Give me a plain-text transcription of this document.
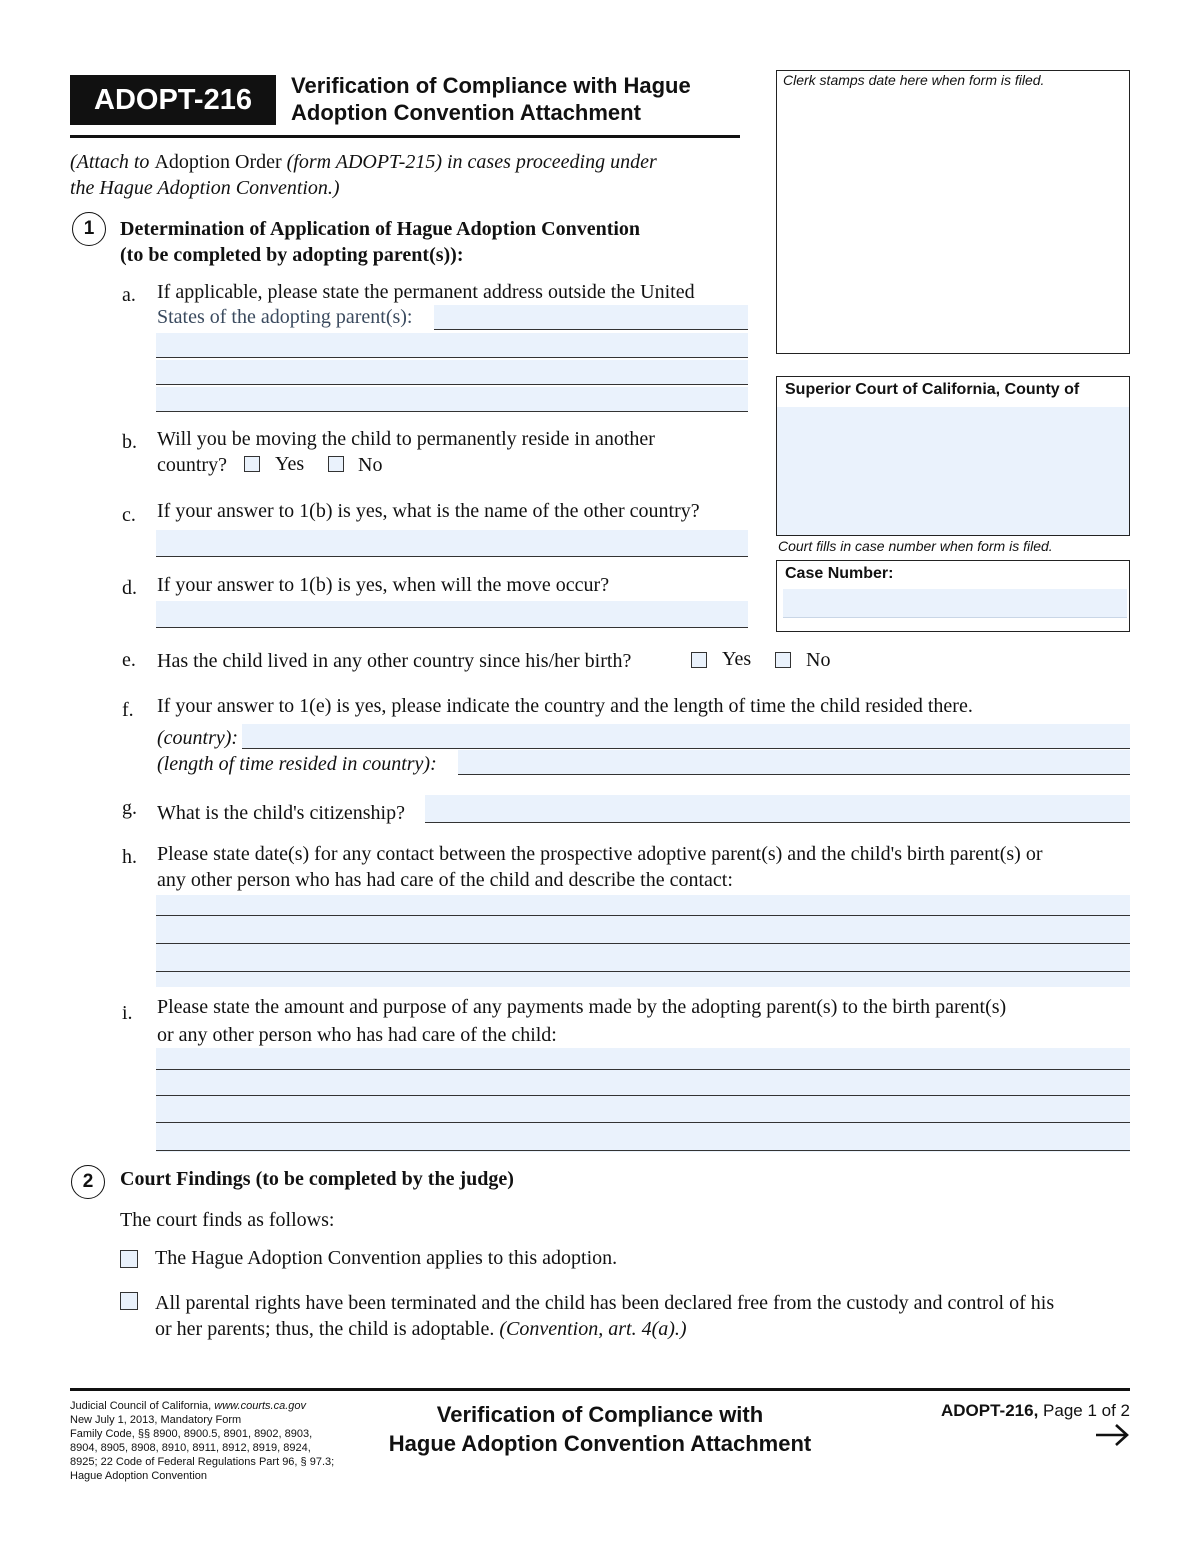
ADOPT-216	Verification of Compliance with Hague
Adoption Convention Attachment
(Attach to Adoption Order (form ADOPT-215) in cases proceeding under
the Hague Adoption Convention.)
Clerk stamps date here when form is filed.
Superior Court of California, County of
Court fills in case number when form is filed.
Case Number:
1	Determination of Application of Hague Adoption Convention
(to be completed by adopting parent(s)):
a. If applicable, please state the permanent address outside the United
States of the adopting parent(s):
b. Will you be moving the child to permanently reside in another
country? Yes	No
c. If your answer to 1(b) is yes, what is the name of the other country?
d. If your answer to 1(b) is yes, when will the move occur?
e. Has the child lived in any other country since his/her birth?	Yes	No
f. If your answer to 1(e) is yes, please indicate the country and the length of time the child resided there.
(country):
(length of time resided in country):
g. What is the child's citizenship?
h. Please state date(s) for any contact between the prospective adoptive parent(s) and the child's birth parent(s) or
any other person who has had care of the child and describe the contact:
i. Please state the amount and purpose of any payments made by the adopting parent(s) to the birth parent(s)
or any other person who has had care of the child:
2	Court Findings (to be completed by the judge)
The court finds as follows:
The Hague Adoption Convention applies to this adoption.
All parental rights have been terminated and the child has been declared free from the custody and control of his
or her parents; thus, the child is adoptable. (Convention, art. 4(a).)
Judicial Council of California, www.courts.ca.gov
New July 1, 2013, Mandatory Form
Family Code, §§ 8900, 8900.5, 8901, 8902, 8903,
8904, 8905, 8908, 8910, 8911, 8912, 8919, 8924,
8925; 22 Code of Federal Regulations Part 96, § 97.3;
Hague Adoption Convention
Verification of Compliance with
Hague Adoption Convention Attachment
ADOPT-216, Page 1 of 2
